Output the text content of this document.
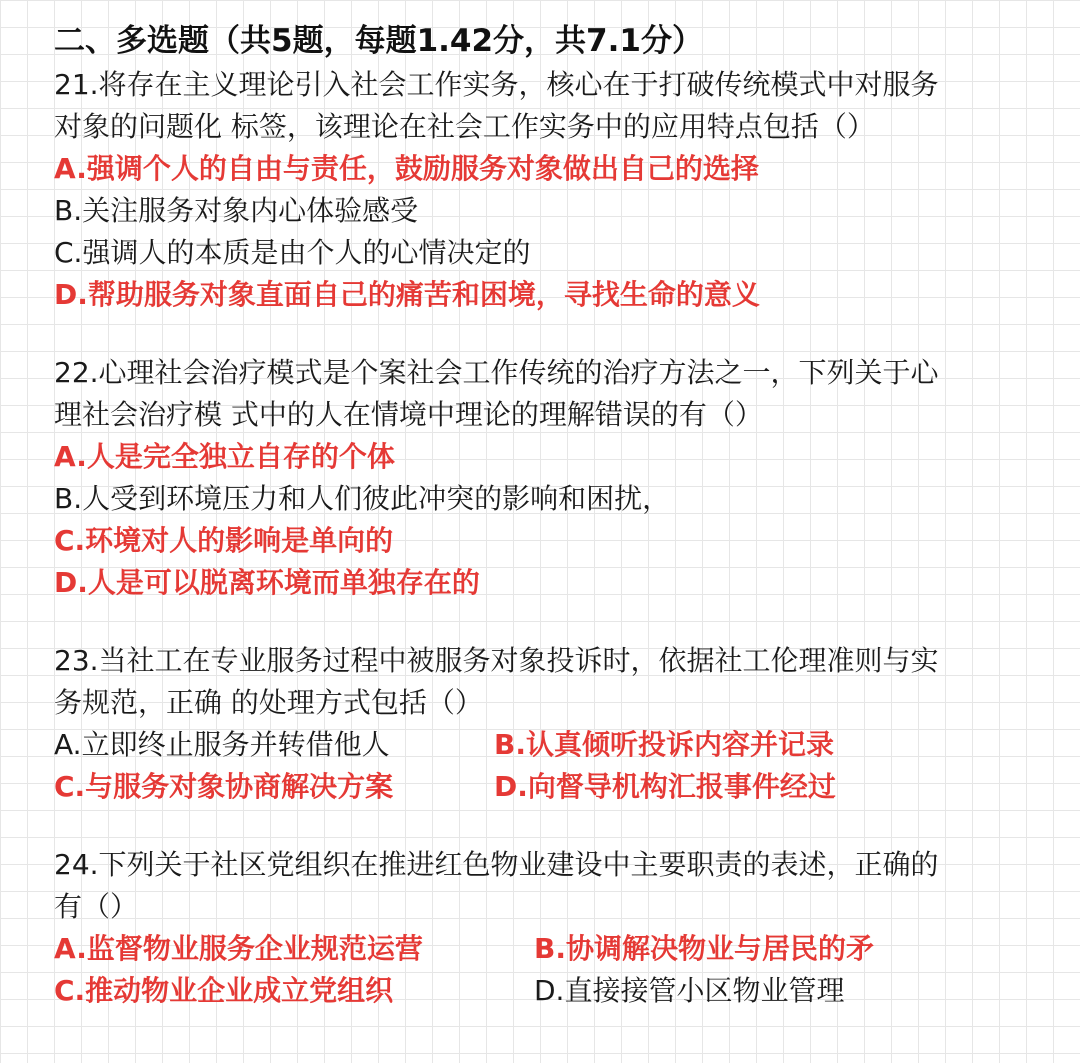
二、多选题（共5题，每题1.42分，共7.1分）
21.将存在主义理论引入社会工作实务，核心在于打破传统模式中对服务
对象的问题化 标签，该理论在社会工作实务中的应用特点包括（）
A.强调个人的自由与责任，鼓励服务对象做出自己的选择
B.关注服务对象内心体验感受
C.强调人的本质是由个人的心情决定的
D.帮助服务对象直面自己的痛苦和困境，寻找生命的意义
22.心理社会治疗模式是个案社会工作传统的治疗方法之一，下列关于心
理社会治疗模 式中的人在情境中理论的理解错误的有（）
A.人是完全独立自存的个体
B.人受到环境压力和人们彼此冲突的影响和困扰，
C.环境对人的影响是单向的
D.人是可以脱离环境而单独存在的
23.当社工在专业服务过程中被服务对象投诉时，依据社工伦理准则与实
务规范，正确 的处理方式包括（）
A.立即终止服务并转借他人	B.认真倾听投诉内容并记录
C.与服务对象协商解决方案	D.向督导机构汇报事件经过
24.下列关于社区党组织在推进红色物业建设中主要职责的表述，正确的
有（）
A.监督物业服务企业规范运营	B.协调解决物业与居民的矛
C.推动物业企业成立党组织	D.直接接管小区物业管理
